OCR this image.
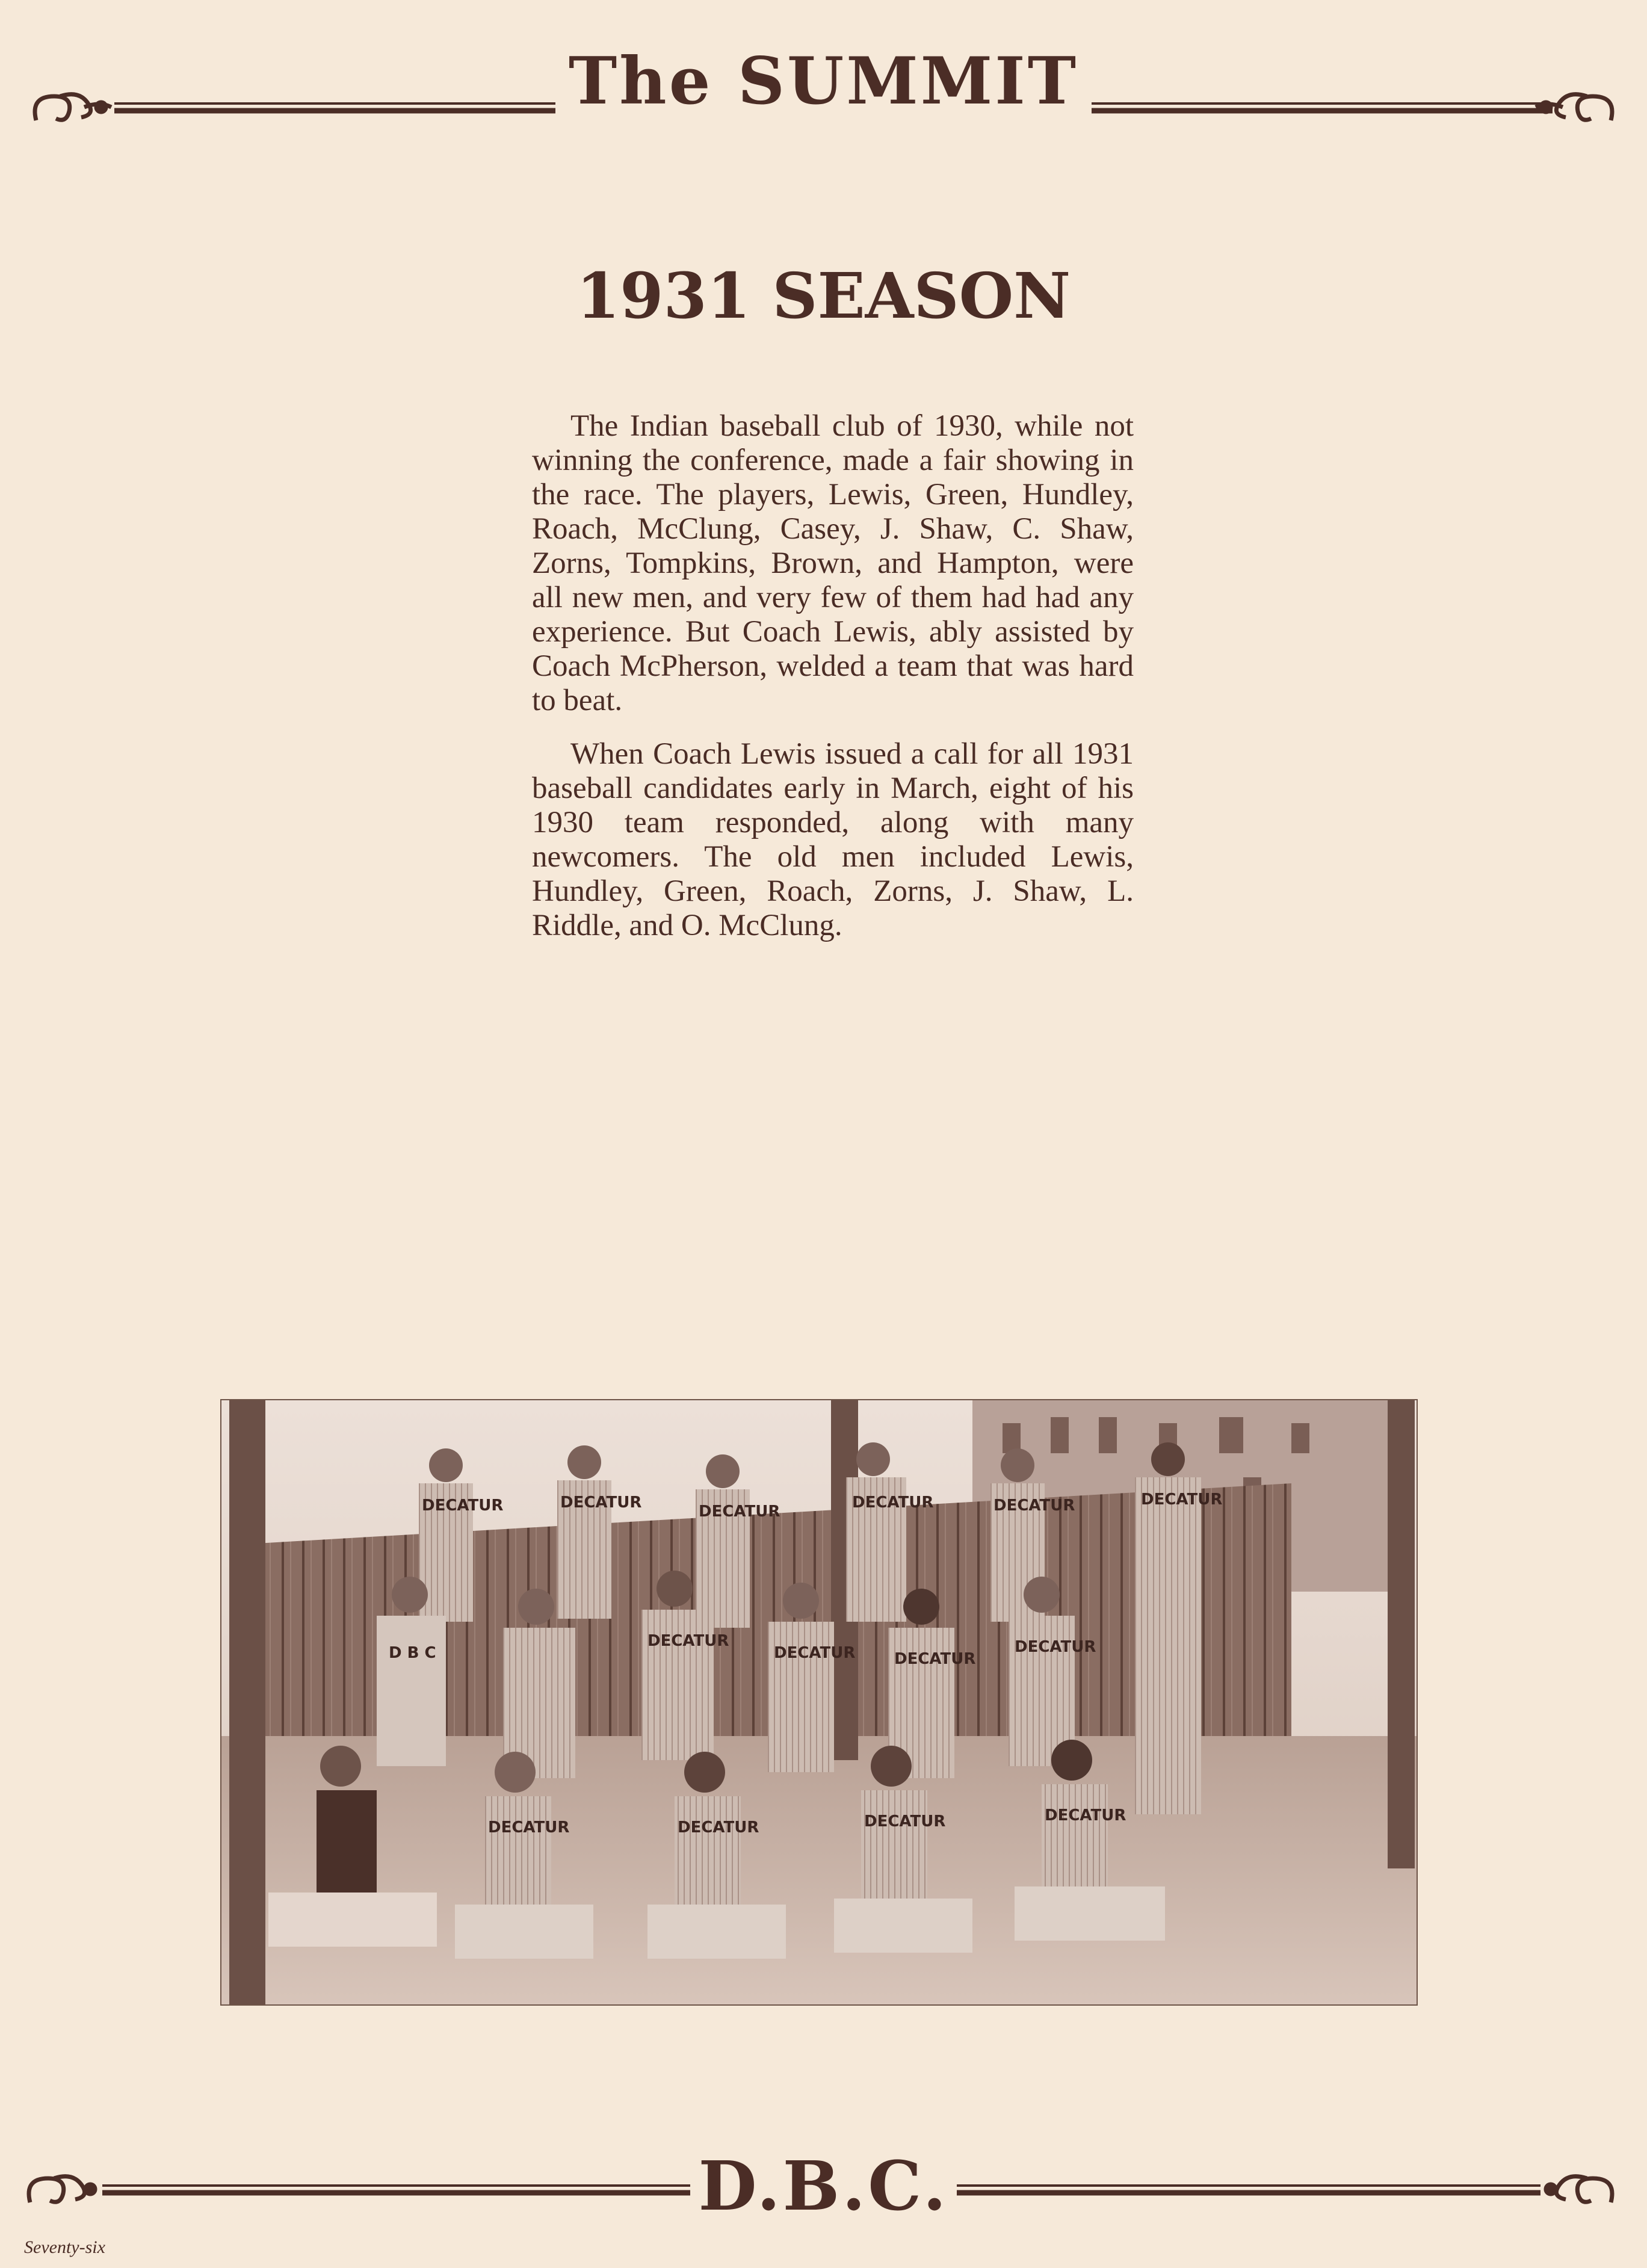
The SUMMIT
1931 SEASON

The Indian baseball club of 1930, while not winning the conference, made a fair showing in the race. The players, Lewis, Green, Hundley, Roach, McClung, Casey, J. Shaw, C. Shaw, Zorns, Tompkins, Brown, and Hampton, were all new men, and very few of them had had any experience. But Coach Lewis, ably assisted by Coach McPherson, welded a team that was hard to beat.

When Coach Lewis issued a call for all 1931 baseball candidates early in March, eight of his 1930 team responded, along with many newcomers. The old men included Lewis, Hundley, Green, Roach, Zorns, J. Shaw, L. Riddle, and O. McClung.

DECATUR	DECATUR	DECATUR	DECATUR	DECATUR	DECATUR
D B C
DECATUR
DECATUR DECATUR
DECATUR
DECATUR	DECATUR	DECATUR	DECATUR
D.B.C.
Seventy-six
